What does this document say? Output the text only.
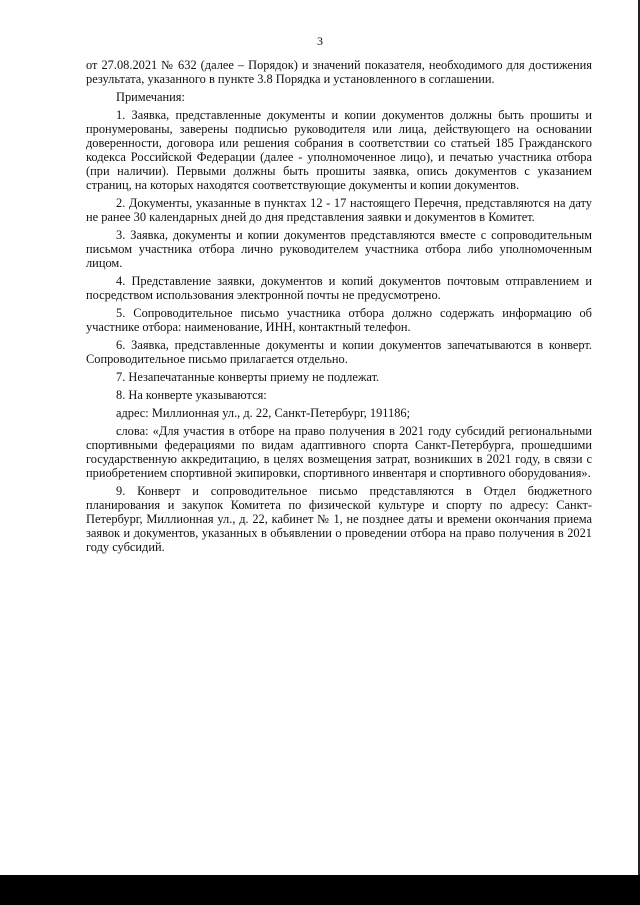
3

от 27.08.2021 № 632 (далее – Порядок) и значений показателя, необходимого для достижения результата, указанного в пункте 3.8 Порядка и установленного в соглашении.

Примечания:

1. Заявка, представленные документы и копии документов должны быть прошиты и пронумерованы, заверены подписью руководителя или лица, действующего на основании доверенности, договора или решения собрания в соответствии со статьей 185 Гражданского кодекса Российской Федерации (далее - уполномоченное лицо), и печатью участника отбора (при наличии). Первыми должны быть прошиты заявка, опись документов с указанием страниц, на которых находятся соответствующие документы и копии документов.

2. Документы, указанные в пунктах 12 - 17 настоящего Перечня, представляются на дату не ранее 30 календарных дней до дня представления заявки и документов в Комитет.

3. Заявка, документы и копии документов представляются вместе с сопроводительным письмом участника отбора лично руководителем участника отбора либо уполномоченным лицом.

4. Представление заявки, документов и копий документов почтовым отправлением и посредством использования электронной почты не предусмотрено.

5. Сопроводительное письмо участника отбора должно содержать информацию об участнике отбора: наименование, ИНН, контактный телефон.

6. Заявка, представленные документы и копии документов запечатываются в конверт. Сопроводительное письмо прилагается отдельно.

7. Незапечатанные конверты приему не подлежат.

8. На конверте указываются:

адрес: Миллионная ул., д. 22, Санкт-Петербург, 191186;

слова: «Для участия в отборе на право получения в 2021 году субсидий региональными спортивными федерациями по видам адаптивного спорта Санкт-Петербурга, прошедшими государственную аккредитацию, в целях возмещения затрат, возникших в 2021 году, в связи с приобретением спортивной экипировки, спортивного инвентаря и спортивного оборудования».

9. Конверт и сопроводительное письмо представляются в Отдел бюджетного планирования и закупок Комитета по физической культуре и спорту по адресу: Санкт-Петербург, Миллионная ул., д. 22, кабинет № 1, не позднее даты и времени окончания приема заявок и документов, указанных в объявлении о проведении отбора на право получения в 2021 году субсидий.
